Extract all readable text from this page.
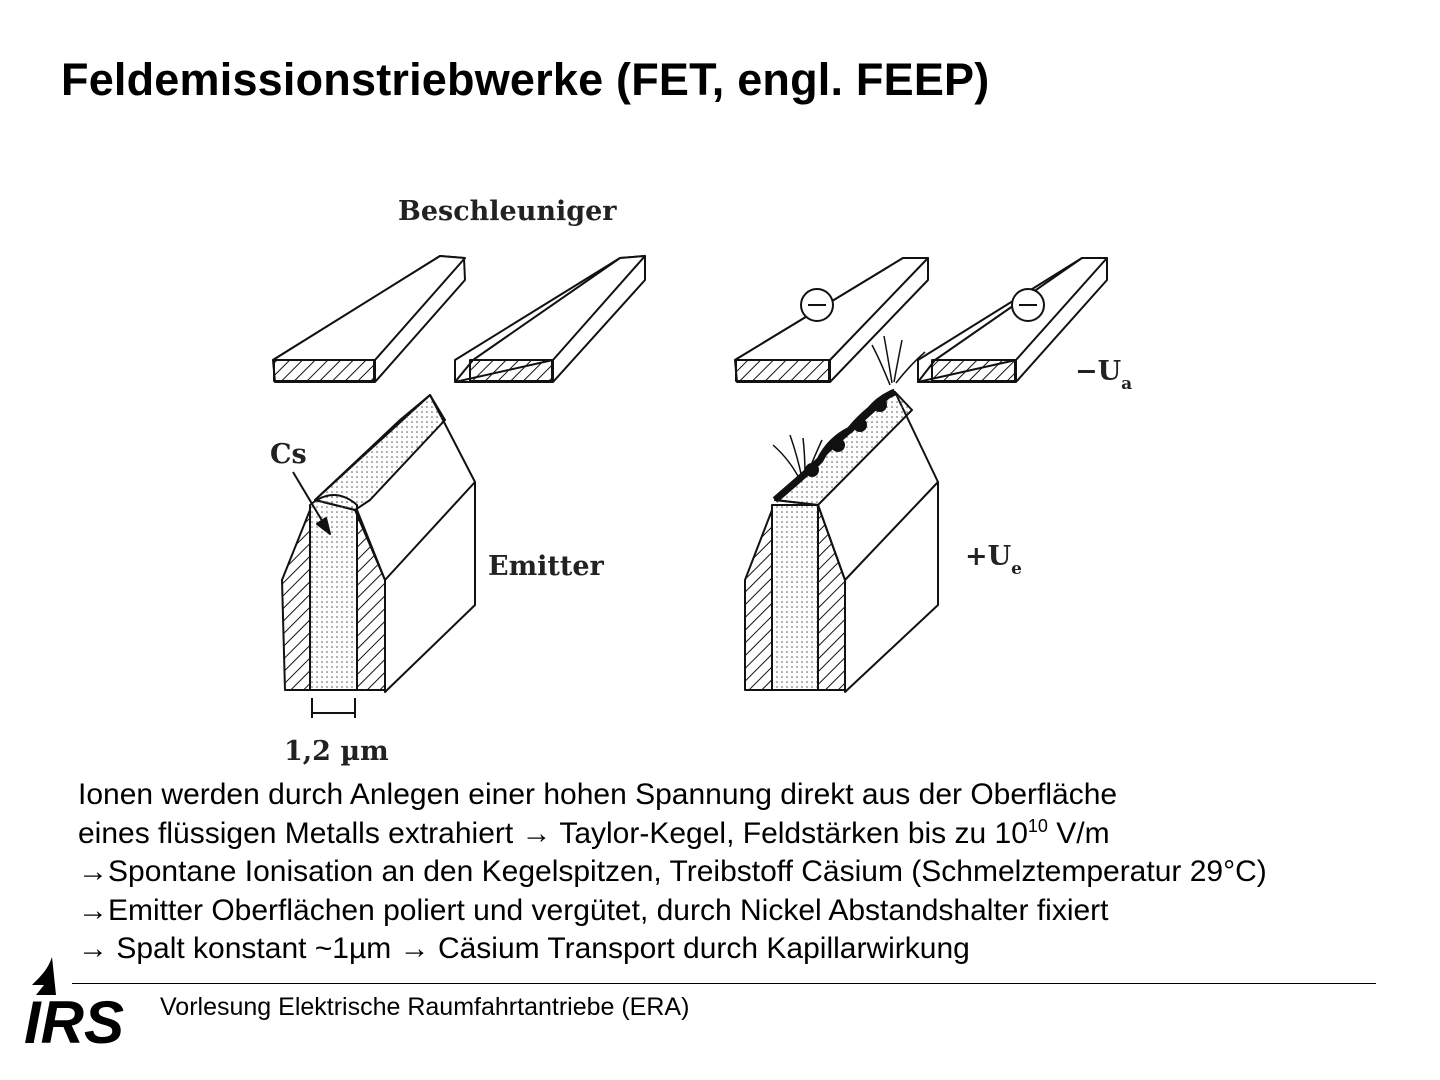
Feldemissionstriebwerke (FET, engl. FEEP)
Beschleuniger
Cs
Emitter
1,2 µm
$-U_a$
$+U_e$
Ionen werden durch Anlegen einer hohen Spannung direkt aus der Oberfläche
eines flüssigen Metalls extrahiert → Taylor-Kegel, Feldstärken bis zu $10^{10}$ V/m
→Spontane Ionisation an den Kegelspitzen, Treibstoff Cäsium (Schmelztemperatur 29°C)
→Emitter Oberflächen poliert und vergütet, durch Nickel Abstandshalter fixiert
→ Spalt konstant ~1µm → Cäsium Transport durch Kapillarwirkung
IRS Vorlesung Elektrische Raumfahrtantriebe (ERA)
